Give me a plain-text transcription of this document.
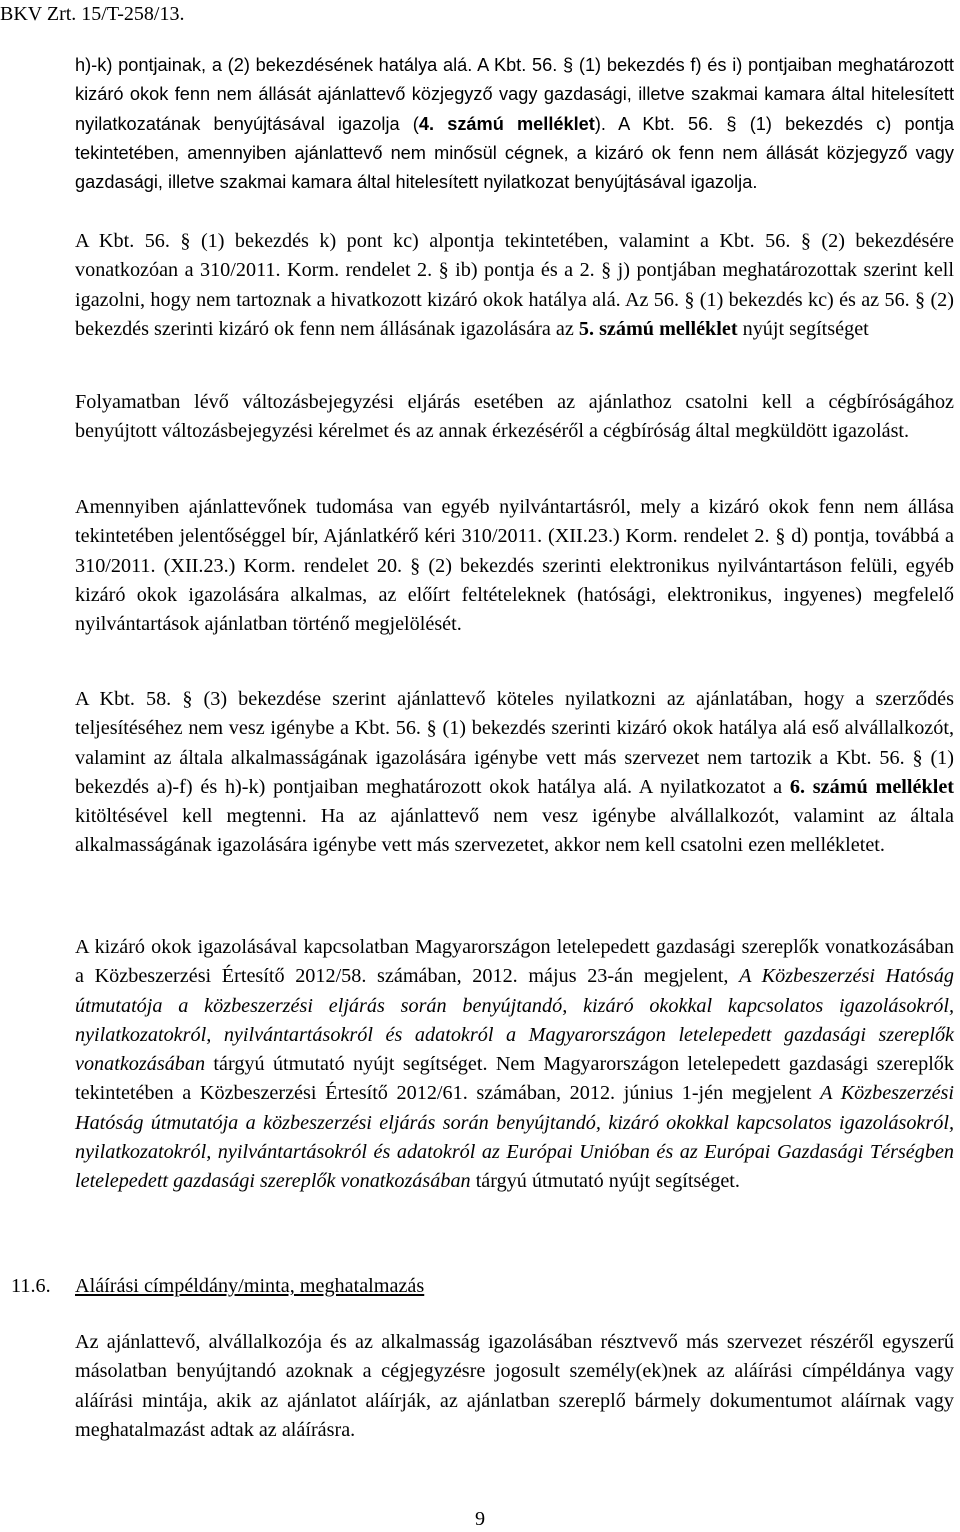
BKV Zrt. 15/T-258/13.

h)-k) pontjainak, a (2) bekezdésének hatálya alá. A Kbt. 56. § (1) bekezdés f) és i) pontjaiban meghatározott kizáró okok fenn nem állását ajánlattevő közjegyző vagy gazdasági, illetve szakmai kamara által hitelesített nyilatkozatának benyújtásával igazolja (4. számú melléklet). A Kbt. 56. § (1) bekezdés c) pontja tekintetében, amennyiben ajánlattevő nem minősül cégnek, a kizáró ok fenn nem állását közjegyző vagy gazdasági, illetve szakmai kamara által hitelesített nyilatkozat benyújtásával igazolja.

A Kbt. 56. § (1) bekezdés k) pont kc) alpontja tekintetében, valamint a Kbt. 56. § (2) bekezdésére vonatkozóan a 310/2011. Korm. rendelet 2. § ib) pontja és a 2. § j) pontjában meghatározottak szerint kell igazolni, hogy nem tartoznak a hivatkozott kizáró okok hatálya alá. Az 56. § (1) bekezdés kc) és az 56. § (2) bekezdés szerinti kizáró ok fenn nem állásának igazolására az 5. számú melléklet nyújt segítséget

Folyamatban lévő változásbejegyzési eljárás esetében az ajánlathoz csatolni kell a cégbíróságához benyújtott változásbejegyzési kérelmet és az annak érkezéséről a cégbíróság által megküldött igazolást.

Amennyiben ajánlattevőnek tudomása van egyéb nyilvántartásról, mely a kizáró okok fenn nem állása tekintetében jelentőséggel bír, Ajánlatkérő kéri 310/2011. (XII.23.) Korm. rendelet 2. § d) pontja, továbbá a 310/2011. (XII.23.) Korm. rendelet 20. § (2) bekezdés szerinti elektronikus nyilvántartáson felüli, egyéb kizáró okok igazolására alkalmas, az előírt feltételeknek (hatósági, elektronikus, ingyenes) megfelelő nyilvántartások ajánlatban történő megjelölését.

A Kbt. 58. § (3) bekezdése szerint ajánlattevő köteles nyilatkozni az ajánlatában, hogy a szerződés teljesítéséhez nem vesz igénybe a Kbt. 56. § (1) bekezdés szerinti kizáró okok hatálya alá eső alvállalkozót, valamint az általa alkalmasságának igazolására igénybe vett más szervezet nem tartozik a Kbt. 56. § (1) bekezdés a)-f) és h)-k) pontjaiban meghatározott okok hatálya alá. A nyilatkozatot a 6. számú melléklet kitöltésével kell megtenni. Ha az ajánlattevő nem vesz igénybe alvállalkozót, valamint az általa alkalmasságának igazolására igénybe vett más szervezetet, akkor nem kell csatolni ezen mellékletet.

A kizáró okok igazolásával kapcsolatban Magyarországon letelepedett gazdasági szereplők vonatkozásában a Közbeszerzési Értesítő 2012/58. számában, 2012. május 23-án megjelent, A Közbeszerzési Hatóság útmutatója a közbeszerzési eljárás során benyújtandó, kizáró okokkal kapcsolatos igazolásokról, nyilatkozatokról, nyilvántartásokról és adatokról a Magyarországon letelepedett gazdasági szereplők vonatkozásában tárgyú útmutató nyújt segítséget. Nem Magyarországon letelepedett gazdasági szereplők tekintetében a Közbeszerzési Értesítő 2012/61. számában, 2012. június 1-jén megjelent A Közbeszerzési Hatóság útmutatója a közbeszerzési eljárás során benyújtandó, kizáró okokkal kapcsolatos igazolásokról, nyilatkozatokról, nyilvántartásokról és adatokról az Európai Unióban és az Európai Gazdasági Térségben letelepedett gazdasági szereplők vonatkozásában tárgyú útmutató nyújt segítséget.

11.6. Aláírási címpéldány/minta, meghatalmazás

Az ajánlattevő, alvállalkozója és az alkalmasság igazolásában résztvevő más szervezet részéről egyszerű másolatban benyújtandó azoknak a cégjegyzésre jogosult személy(ek)nek az aláírási címpéldánya vagy aláírási mintája, akik az ajánlatot aláírják, az ajánlatban szereplő bármely dokumentumot aláírnak vagy meghatalmazást adtak az aláírásra.

9
